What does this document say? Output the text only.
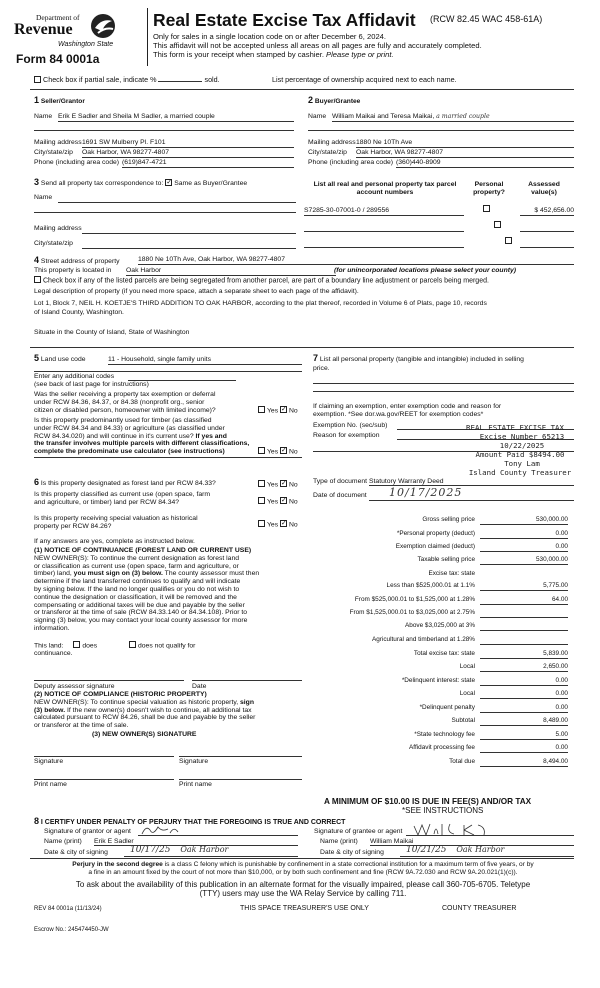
Department of
Revenue
Washington State
Form 84 0001a
Real Estate Excise Tax Affidavit (RCW 82.45 WAC 458-61A)
Only for sales in a single location code on or after December 6, 2024.
This affidavit will not be accepted unless all areas on all pages are fully and accurately completed.
This form is your receipt when stamped by cashier. Please type or print.
Check box if partial sale, indicate %	sold.	List percentage of ownership acquired next to each name.
1 Seller/Grantor
Name Erik E Sadler and Sheila M Sadler, a married couple
Mailing address 1691 SW Mulberry Pl. F101
City/state/zip Oak Harbor, WA 98277-4807
Phone (including area code) (619)847-4721
2 Buyer/Grantee
Name William Maikai and Teresa Maikai, a married couple
Mailing address 1880 Ne 10Th Ave
City/state/zip Oak Harbor, WA 98277-4807
Phone (including area code) (360)440-8909
3 Send all property tax correspondence to: ✓ Same as Buyer/Grantee
Name
Mailing address
City/state/zip
List all real and personal property tax parcel account numbers
Personal property?
Assessed value(s)
S7285-30-07001-0 / 289556
	$ 452,656.00

4 Street address of property	1880 Ne 10Th Ave, Oak Harbor, WA 98277-4807
This property is located in Oak Harbor	(for unincorporated locations please select your county)
Check box if any of the listed parcels are being segregated from another parcel, are part of a boundary line adjustment or parcels being merged.
Legal description of property (if you need more space, attach a separate sheet to each page of the affidavit).
Lot 1, Block 7, NEIL H. KOETJE'S THIRD ADDITION TO OAK HARBOR, according to the plat thereof, recorded in Volume 6 of Plats, page 10, records
of Island County, Washington.
Situate in the County of Island, State of Washington
5 Land use code	11 - Household, single family units
Enter any additional codes
(see back of last page for instructions)
Was the seller receiving a property tax exemption or deferral
under RCW 84.36, 84.37, or 84.38 (nonprofit org., senior
citizen or disabled person, homeowner with limited income)?	Yes ✓ No
Is this property predominantly used for timber (as classified
under RCW 84.34 and 84.33) or agriculture (as classified under
RCW 84.34.020) and will continue in it's current use? If yes and
the transfer involves multiple parcels with different classifications,
complete the predominate use calculator (see instructions)	Yes ✓ No
6 Is this property designated as forest land per RCW 84.33?	Yes ✓ No
Is this property classified as current use (open space, farm
and agriculture, or timber) land per RCW 84.34?	Yes ✓ No
Is this property receiving special valuation as historical
property per RCW 84.26?	Yes ✓ No
If any answers are yes, complete as instructed below.
(1) NOTICE OF CONTINUANCE (FOREST LAND OR CURRENT USE)
NEW OWNER(S): To continue the current designation as forest land
or classification as current use (open space, farm and agriculture, or
timber) land, you must sign on (3) below. The county assessor must then
determine if the land transferred continues to qualify and will indicate
by signing below. If the land no longer qualifies or you do not wish to
continue the designation or classification, it will be removed and the
compensating or additional taxes will be due and payable by the seller
or transferor at the time of sale (RCW 84.33.140 or 84.34.108). Prior to
signing (3) below, you may contact your local county assessor for more
information.
This land:	does	does not qualify for
continuance.
Deputy assessor signature	Date
(2) NOTICE OF COMPLIANCE (HISTORIC PROPERTY)
NEW OWNER(S): To continue special valuation as historic property, sign
(3) below. If the new owner(s) doesn't wish to continue, all additional tax
calculated pursuant to RCW 84.26, shall be due and payable by the seller
or transferor at the time of sale.
(3) NEW OWNER(S) SIGNATURE
Signature	Signature
Print name	Print name
7 List all personal property (tangible and intangible) included in selling
price.
If claiming an exemption, enter exemption code and reason for
exemption. *See dor.wa.gov/REET for exemption codes*
Exemption No. (sec/sub)
Reason for exemption
Type of document Statutory Warranty Deed
Date of document	10/17/2025
REAL ESTATE EXCISE TAX
Excise Number 65213
10/22/2025
Amount Paid $8494.00
Tony Lam
Island County Treasurer
Gross selling price	530,000.00
*Personal property (deduct)	0.00
Exemption claimed (deduct)	0.00
Taxable selling price	530,000.00
Excise tax: state
Less than $525,000.01 at 1.1%	5,775.00
From $525,000.01 to $1,525,000 at 1.28%	64.00
From $1,525,000.01 to $3,025,000 at 2.75%
Above $3,025,000 at 3%
Agricultural and timberland at 1.28%
Total excise tax: state	5,839.00
Local	2,650.00
*Delinquent interest: state	0.00
Local	0.00
*Delinquent penalty	0.00
Subtotal	8,489.00
*State technology fee	5.00
Affidavit processing fee	0.00
Total due	8,494.00
A MINIMUM OF $10.00 IS DUE IN FEE(S) AND/OR TAX
*SEE INSTRUCTIONS
8 I CERTIFY UNDER PENALTY OF PERJURY THAT THE FOREGOING IS TRUE AND CORRECT
Signature of grantor or agent	Signature of grantee or agent
Name (print) Erik E Sadler	Name (print) William Maikai
Date & city of signing	10/17/25 Oak Harbor	Date & city of signing	10/21/25 Oak Harbor
Perjury in the second degree is a class C felony which is punishable by confinement in a state correctional institution for a maximum term of five years, or by
a fine in an amount fixed by the court of not more than $10,000, or by both such confinement and fine (RCW 9A.72.030 and RCW 9A.20.021(1)(c)).
To ask about the availability of this publication in an alternate format for the visually impaired, please call 360-705-6705. Teletype
(TTY) users may use the WA Relay Service by calling 711.
REV 84 0001a (11/13/24)	THIS SPACE TREASURER'S USE ONLY	COUNTY TREASURER
Escrow No.: 245474450-JW
